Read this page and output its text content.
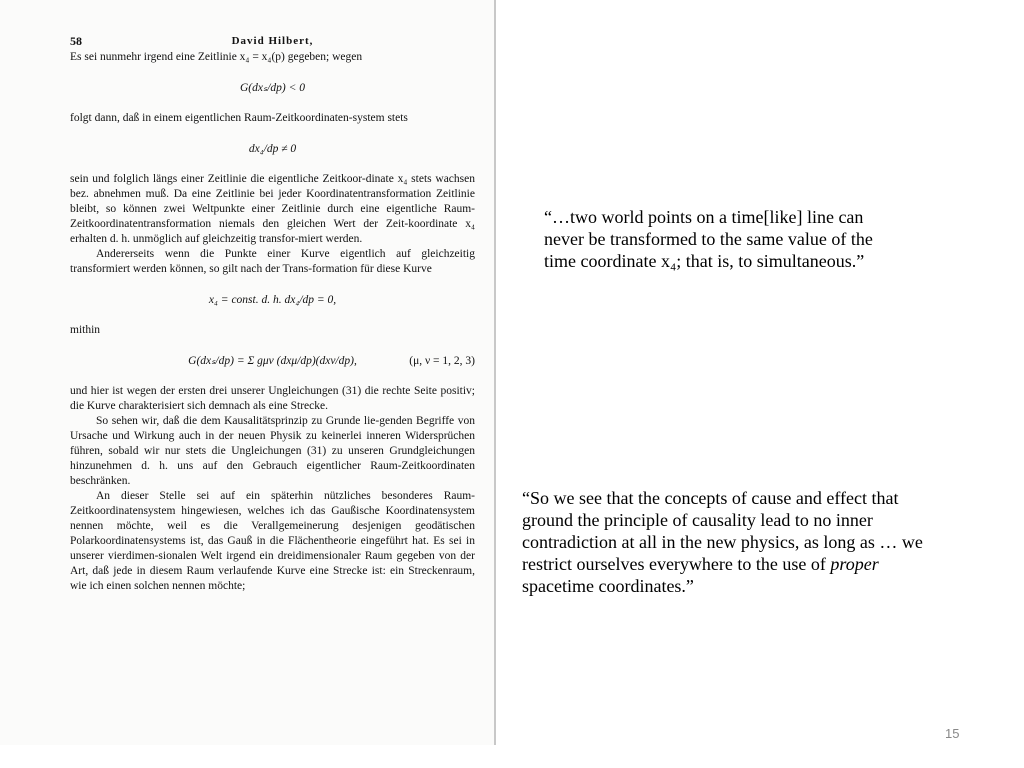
58	David Hilbert,

Es sei nunmehr irgend eine Zeitlinie x₄ = x₄(p) gegeben; wegen

G(dxₛ/dp) < 0

folgt dann, daß in einem eigentlichen Raum-Zeitkoordinaten-system stets

dx₄/dp ≠ 0

sein und folglich längs einer Zeitlinie die eigentliche Zeitkoor-dinate x₄ stets wachsen bez. abnehmen muß. Da eine Zeitlinie bei jeder Koordinatentransformation Zeitlinie bleibt, so können zwei Weltpunkte einer Zeitlinie durch eine eigentliche Raum-Zeitkoordinatentransformation niemals den gleichen Wert der Zeit-koordinate x₄ erhalten d. h. unmöglich auf gleichzeitig transfor-miert werden.

Andererseits wenn die Punkte einer Kurve eigentlich auf gleichzeitig transformiert werden können, so gilt nach der Trans-formation für diese Kurve

x₄ = const. d. h. dx₄/dp = 0,

mithin

G(dxₛ/dp) = Σ gμν (dxμ/dp)(dxν/dp),	(μ, ν = 1, 2, 3)

und hier ist wegen der ersten drei unserer Ungleichungen (31) die rechte Seite positiv; die Kurve charakterisiert sich demnach als eine Strecke.

So sehen wir, daß die dem Kausalitätsprinzip zu Grunde lie-genden Begriffe von Ursache und Wirkung auch in der neuen Physik zu keinerlei inneren Widersprüchen führen, sobald wir nur stets die Ungleichungen (31) zu unseren Grundgleichungen hinzunehmen d. h. uns auf den Gebrauch eigentlicher Raum-Zeitkoordinaten beschränken.

An dieser Stelle sei auf ein späterhin nützliches besonderes Raum-Zeitkoordinatensystem hingewiesen, welches ich das Gaußische Koordinatensystem nennen möchte, weil es die Verallgemeinerung desjenigen geodätischen Polarkoordinatensystems ist, das Gauß in die Flächentheorie eingeführt hat. Es sei in unserer vierdimen-sionalen Welt irgend ein dreidimensionaler Raum gegeben von der Art, daß jede in diesem Raum verlaufende Kurve eine Strecke ist: ein Streckenraum, wie ich einen solchen nennen möchte;

“…two world points on a time[like] line can never be transformed to the same value of the time coordinate x₄; that is, to simultaneous.”
“So we see that the concepts of cause and effect that ground the principle of causality lead to no inner contradiction at all in the new physics, as long as … we restrict ourselves everywhere to the use of proper spacetime coordinates.”
15
